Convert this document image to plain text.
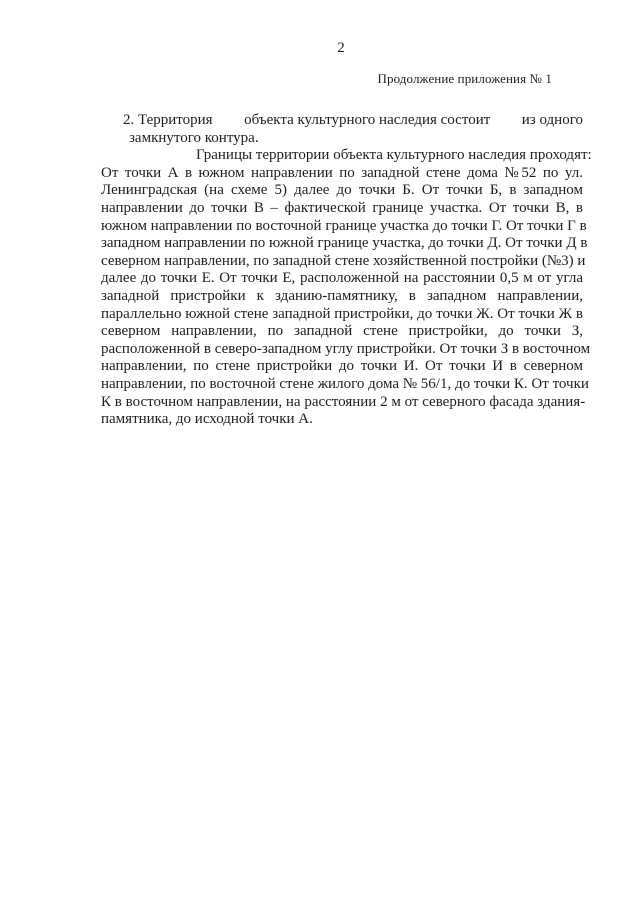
2
Продолжение приложения № 1
2. Территория объекта культурного наследия состоит из одного
замкнутого контура.

Границы территории объекта культурного наследия проходят:
От точки А в южном направлении по западной стене дома №52 по ул.
Ленинградская (на схеме 5) далее до точки Б. От точки Б, в западном
направлении до точки В – фактической границе участка. От точки В, в
южном направлении по восточной границе участка до точки Г. От точки Г в
западном направлении по южной границе участка, до точки Д. От точки Д в
северном направлении, по западной стене хозяйственной постройки (№3) и
далее до точки Е. От точки Е, расположенной на расстоянии 0,5 м от угла
западной пристройки к зданию-памятнику, в западном направлении,
параллельно южной стене западной пристройки, до точки Ж. От точки Ж в
северном направлении, по западной стене пристройки, до точки З,
расположенной в северо-западном углу пристройки. От точки З в восточном
направлении, по стене пристройки до точки И. От точки И в северном
направлении, по восточной стене жилого дома № 56/1, до точки К. От точки
К в восточном направлении, на расстоянии 2 м от северного фасада здания-
памятника, до исходной точки А.
